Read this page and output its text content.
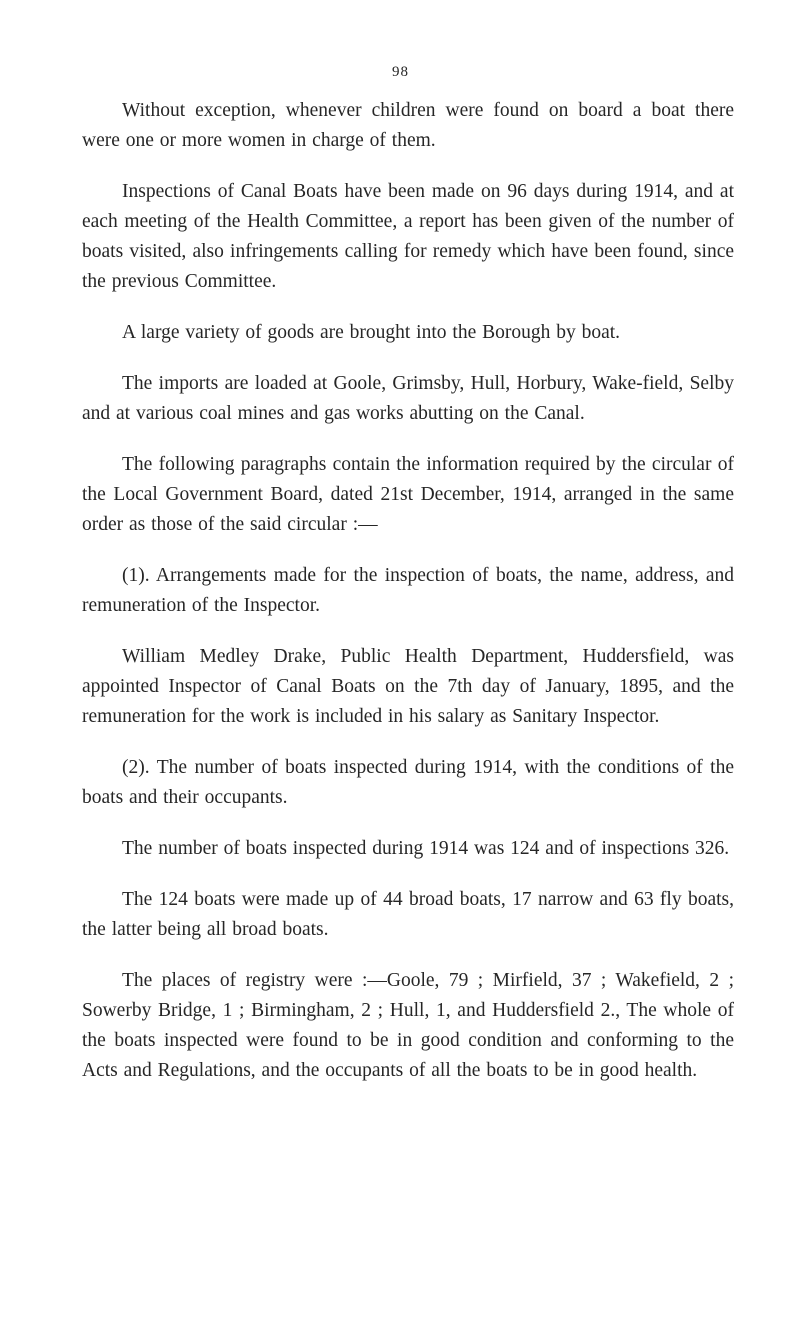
98

Without exception, whenever children were found on board a boat there were one or more women in charge of them.

Inspections of Canal Boats have been made on 96 days during 1914, and at each meeting of the Health Committee, a report has been given of the number of boats visited, also infringements calling for remedy which have been found, since the previous Committee.

A large variety of goods are brought into the Borough by boat.

The imports are loaded at Goole, Grimsby, Hull, Horbury, Wake-field, Selby and at various coal mines and gas works abutting on the Canal.

The following paragraphs contain the information required by the circular of the Local Government Board, dated 21st December, 1914, arranged in the same order as those of the said circular :—

(1). Arrangements made for the inspection of boats, the name, address, and remuneration of the Inspector.

William Medley Drake, Public Health Department, Huddersfield, was appointed Inspector of Canal Boats on the 7th day of January, 1895, and the remuneration for the work is included in his salary as Sanitary Inspector.

(2). The number of boats inspected during 1914, with the conditions of the boats and their occupants.

The number of boats inspected during 1914 was 124 and of inspections 326.

The 124 boats were made up of 44 broad boats, 17 narrow and 63 fly boats, the latter being all broad boats.

The places of registry were :—Goole, 79 ; Mirfield, 37 ; Wakefield, 2 ; Sowerby Bridge, 1 ; Birmingham, 2 ; Hull, 1, and Huddersfield 2., The whole of the boats inspected were found to be in good condition and conforming to the Acts and Regulations, and the occupants of all the boats to be in good health.
